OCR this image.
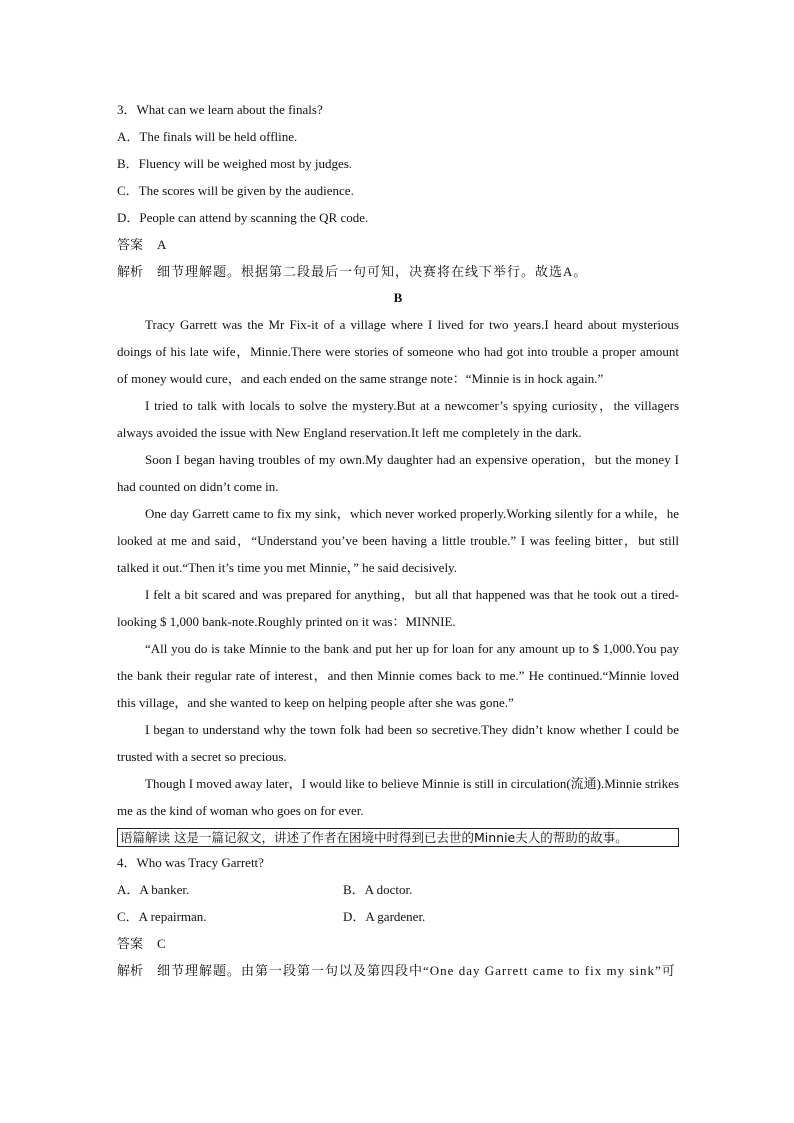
3．What can we learn about the finals?
A．The finals will be held offline.
B．Fluency will be weighed most by judges.
C．The scores will be given by the audience.
D．People can attend by scanning the QR code.
答案 A
解析 细节理解题。根据第二段最后一句可知，决赛将在线下举行。故选A。
B

Tracy Garrett was the Mr Fix-it of a village where I lived for two years.I heard about mysterious doings of his late wife，Minnie.There were stories of someone who had got into trouble a proper amount of money would cure，and each ended on the same strange note：“Minnie is in hock again.”

I tried to talk with locals to solve the mystery.But at a newcomer’s spying curiosity，the villagers always avoided the issue with New England reservation.It left me completely in the dark.

Soon I began having troubles of my own.My daughter had an expensive operation，but the money I had counted on didn’t come in.

One day Garrett came to fix my sink，which never worked properly.Working silently for a while，he looked at me and said，“Understand you’ve been having a little trouble.” I was feeling bitter，but still talked it out.“Then it’s time you met Minnie，” he said decisively.

I felt a bit scared and was prepared for anything，but all that happened was that he took out a tired-looking $ 1,000 bank-note.Roughly printed on it was：MINNIE.

“All you do is take Minnie to the bank and put her up for loan for any amount up to $ 1,000.You pay the bank their regular rate of interest，and then Minnie comes back to me.” He continued.“Minnie loved this village，and she wanted to keep on helping people after she was gone.”

I began to understand why the town folk had been so secretive.They didn’t know whether I could be trusted with a secret so precious.

Though I moved away later，I would like to believe Minnie is still in circulation(流通).Minnie strikes me as the kind of woman who goes on for ever.

语篇解读 这是一篇记叙文，讲述了作者在困境中时得到已去世的Minnie夫人的帮助的故事。
4．Who was Tracy Garrett?
A．A banker.	B．A doctor.
C．A repairman.	D．A gardener.
答案 C
解析 细节理解题。由第一段第一句以及第四段中“One day Garrett came to fix my sink”可
